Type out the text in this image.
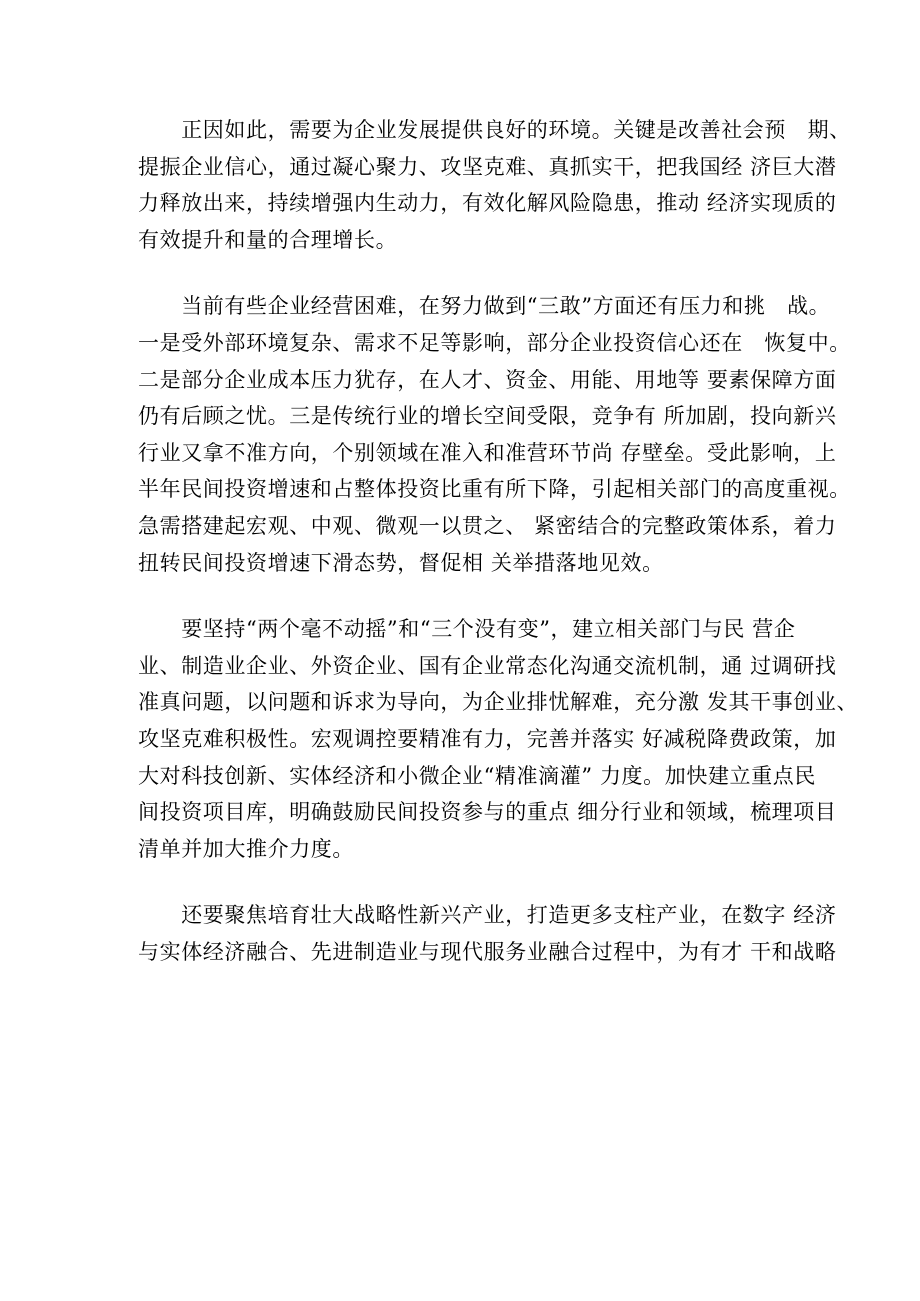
　　正因如此，需要为企业发展提供良好的环境。关键是改善社会预　期、
提振企业信心，通过凝心聚力、攻坚克难、真抓实干，把我国经 济巨大潜
力释放出来，持续增强内生动力，有效化解风险隐患，推动 经济实现质的
有效提升和量的合理增长。

　　当前有些企业经营困难，在努力做到“三敢”方面还有压力和挑　战。
一是受外部环境复杂、需求不足等影响，部分企业投资信心还在　恢复中。
二是部分企业成本压力犹存，在人才、资金、用能、用地等 要素保障方面
仍有后顾之忧。三是传统行业的增长空间受限，竞争有 所加剧，投向新兴
行业又拿不准方向，个别领域在准入和准营环节尚 存壁垒。受此影响，上
半年民间投资增速和占整体投资比重有所下降，引起相关部门的高度重视。
急需搭建起宏观、中观、微观一以贯之、 紧密结合的完整政策体系，着力
扭转民间投资增速下滑态势，督促相 关举措落地见效。

　　要坚持“两个毫不动摇”和“三个没有变”，建立相关部门与民 营企
业、制造业企业、外资企业、国有企业常态化沟通交流机制，通 过调研找
准真问题，以问题和诉求为导向，为企业排忧解难，充分激 发其干事创业、
攻坚克难积极性。宏观调控要精准有力，完善并落实 好减税降费政策，加
大对科技创新、实体经济和小微企业“精准滴灌” 力度。加快建立重点民
间投资项目库，明确鼓励民间投资参与的重点 细分行业和领域，梳理项目
清单并加大推介力度。

　　还要聚焦培育壮大战略性新兴产业，打造更多支柱产业，在数字 经济
与实体经济融合、先进制造业与现代服务业融合过程中，为有才 干和战略
